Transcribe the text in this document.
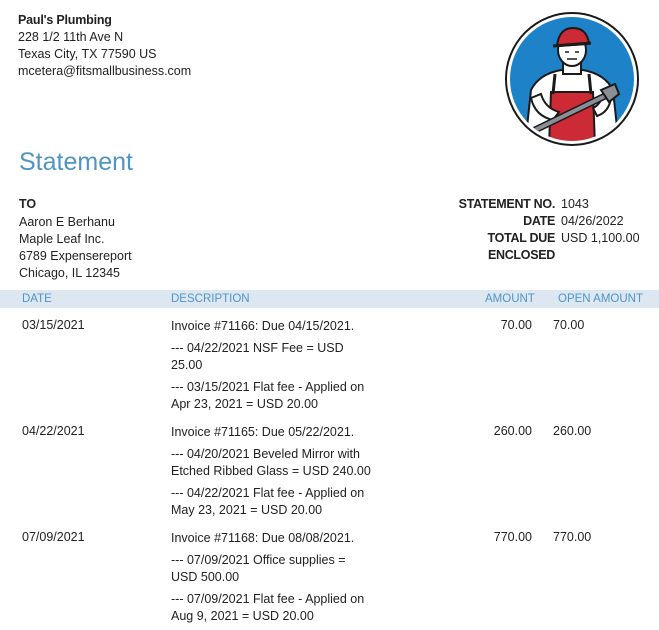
Paul's Plumbing
228 1/2 11th Ave N
Texas City, TX 77590 US
mcetera@fitsmallbusiness.com
Statement
TO
Aaron E Berhanu
Maple Leaf Inc.
6789 Expensereport
Chicago, IL 12345
STATEMENT NO.	1043
DATE	04/26/2022
TOTAL DUE	USD 1,100.00
ENCLOSED	
DATE	DESCRIPTION	AMOUNT OPEN AMOUNT
03/15/2021	Invoice #71166: Due 04/15/2021.
--- 04/22/2021 NSF Fee = USD 25.00
--- 03/15/2021 Flat fee - Applied on Apr 23, 2021 = USD 20.00
70.00 70.00
04/22/2021	Invoice #71165: Due 05/22/2021.
--- 04/20/2021 Beveled Mirror with Etched Ribbed Glass = USD 240.00
--- 04/22/2021 Flat fee - Applied on May 23, 2021 = USD 20.00
260.00 260.00
07/09/2021	Invoice #71168: Due 08/08/2021.
--- 07/09/2021 Office supplies = USD 500.00
--- 07/09/2021 Flat fee - Applied on Aug 9, 2021 = USD 20.00
770.00 770.00
